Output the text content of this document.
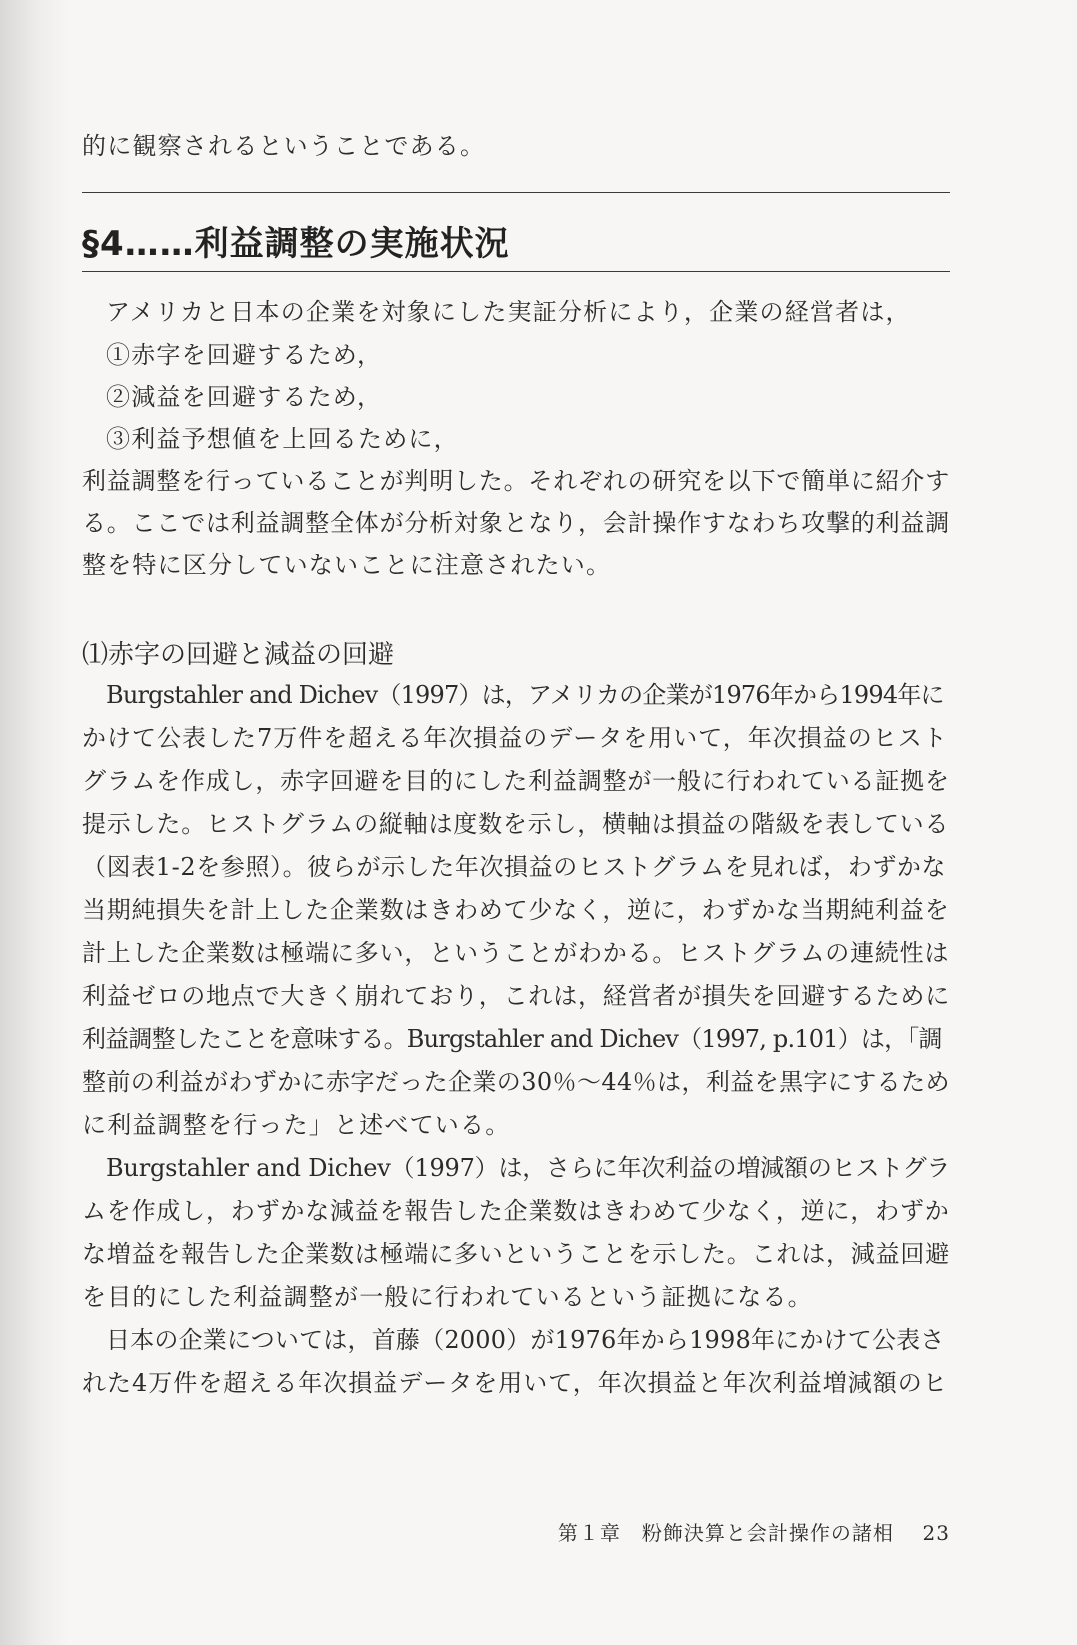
的に観察されるということである。
§4……利益調整の実施状況
アメリカと日本の企業を対象にした実証分析により，企業の経営者は，
①赤字を回避するため，
②減益を回避するため，
③利益予想値を上回るために，
利益調整を行っていることが判明した。それぞれの研究を以下で簡単に紹介す
る。ここでは利益調整全体が分析対象となり，会計操作すなわち攻撃的利益調
整を特に区分していないことに注意されたい。
⑴赤字の回避と減益の回避
Burgstahler and Dichev（1997）は，アメリカの企業が1976年から1994年に
かけて公表した7万件を超える年次損益のデータを用いて，年次損益のヒスト
グラムを作成し，赤字回避を目的にした利益調整が一般に行われている証拠を
提示した。ヒストグラムの縦軸は度数を示し，横軸は損益の階級を表している
（図表1-2を参照）。彼らが示した年次損益のヒストグラムを見れば，わずかな
当期純損失を計上した企業数はきわめて少なく，逆に，わずかな当期純利益を
計上した企業数は極端に多い，ということがわかる。ヒストグラムの連続性は
利益ゼロの地点で大きく崩れており，これは，経営者が損失を回避するために
利益調整したことを意味する。Burgstahler and Dichev（1997, p.101）は，「調
整前の利益がわずかに赤字だった企業の30％～44％は，利益を黒字にするため
に利益調整を行った」と述べている。
Burgstahler and Dichev（1997）は，さらに年次利益の増減額のヒストグラ
ムを作成し，わずかな減益を報告した企業数はきわめて少なく，逆に，わずか
な増益を報告した企業数は極端に多いということを示した。これは，減益回避
を目的にした利益調整が一般に行われているという証拠になる。
日本の企業については，首藤（2000）が1976年から1998年にかけて公表さ
れた4万件を超える年次損益データを用いて，年次損益と年次利益増減額のヒ
第１章　粉飾決算と会計操作の諸相 23
